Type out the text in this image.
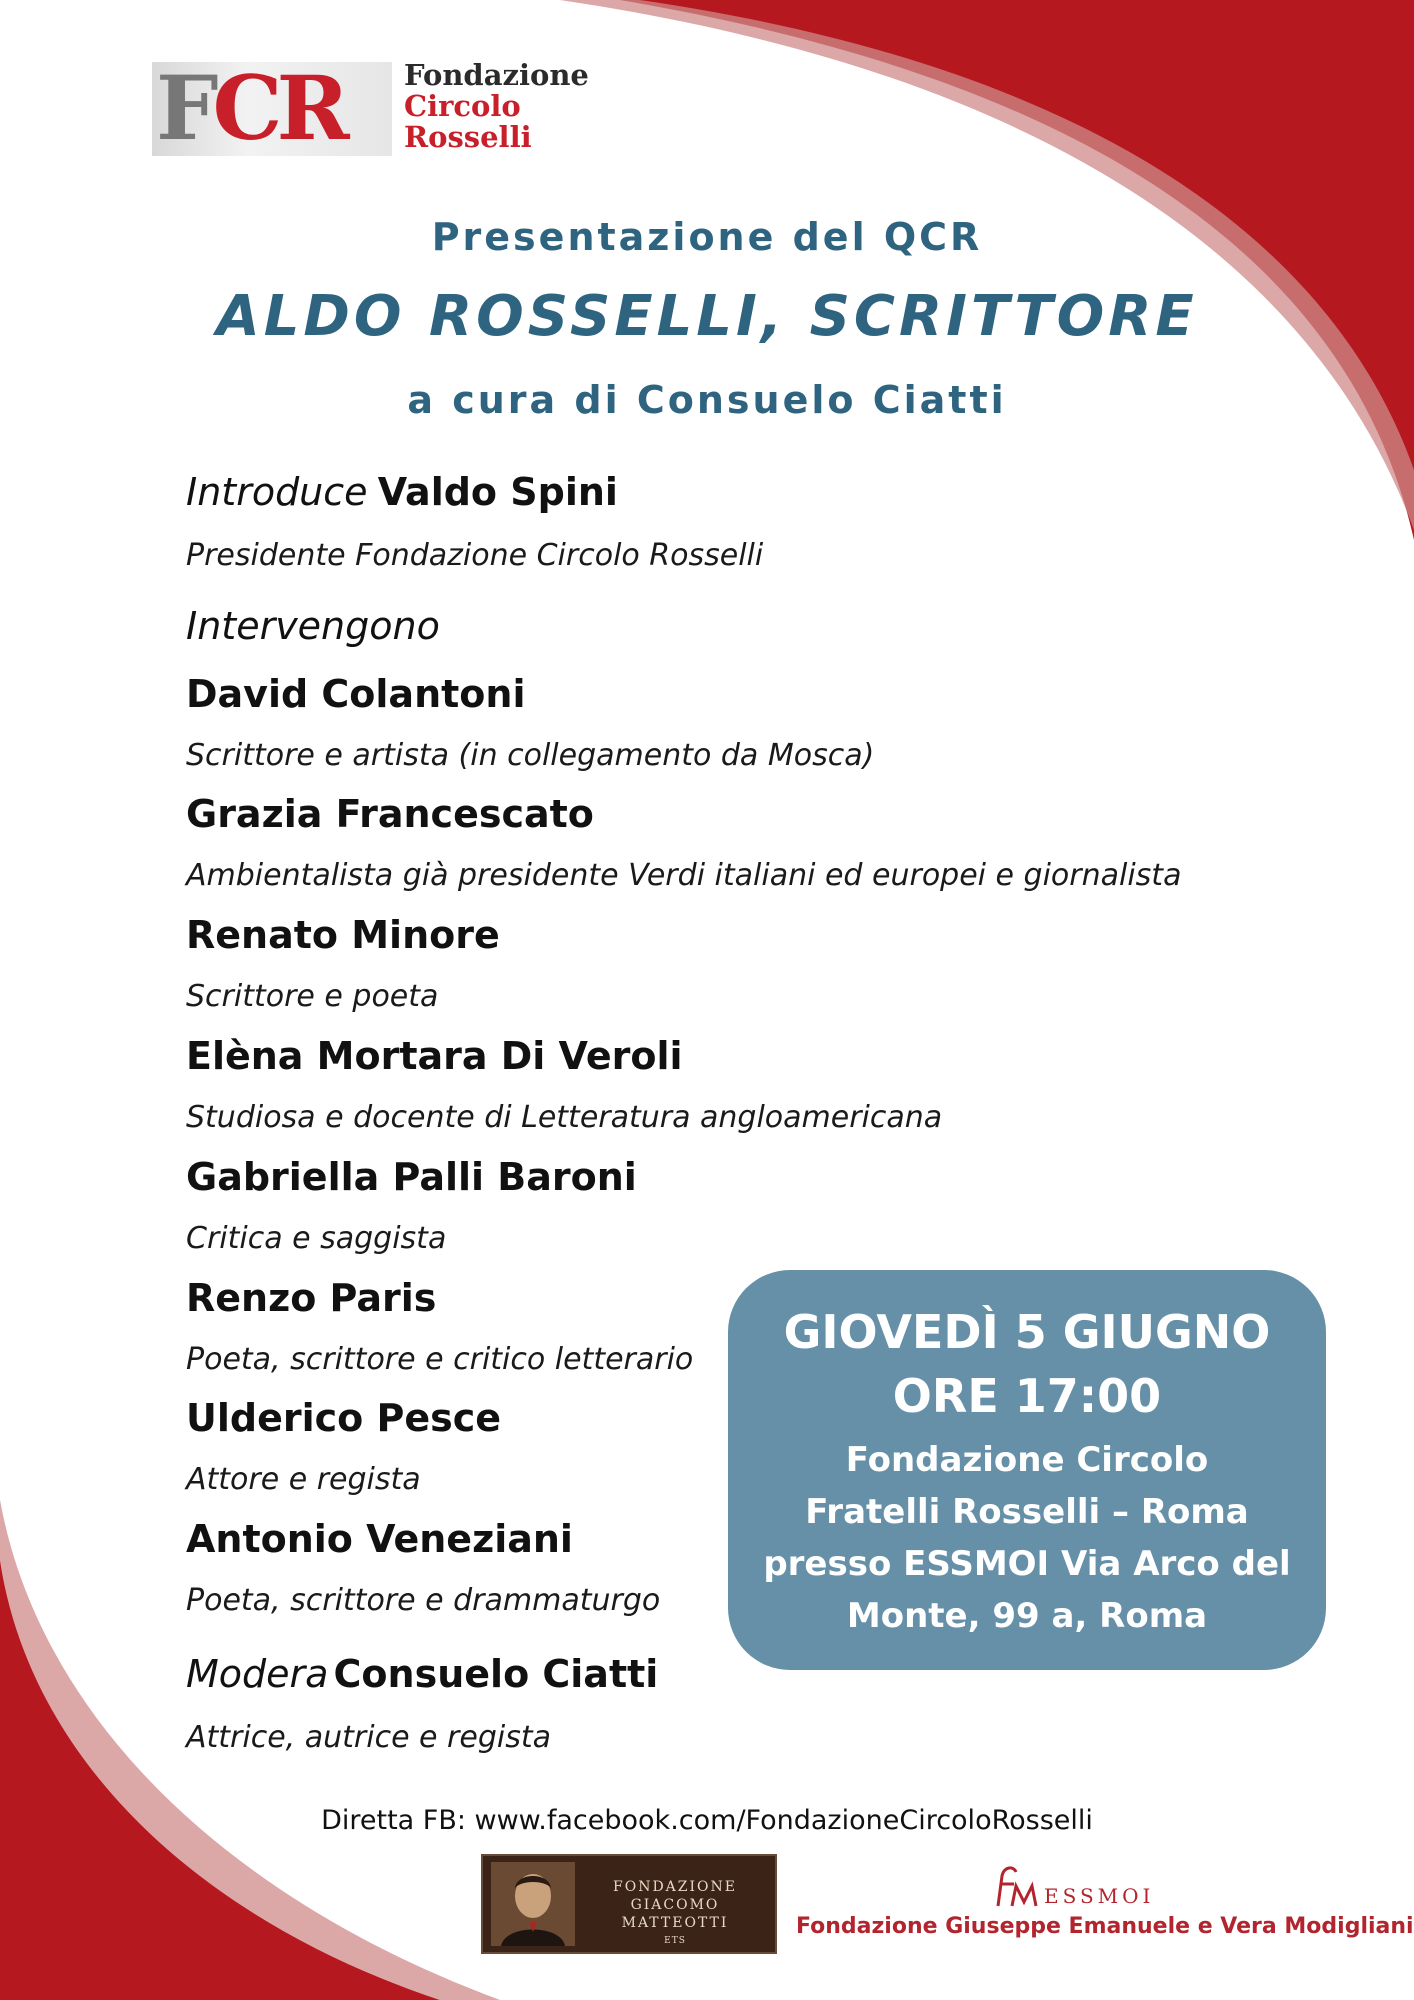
FCR Fondazione
Circolo
Rosselli
Presentazione del QCR
ALDO ROSSELLI, SCRITTORE
a cura di Consuelo Ciatti
Introduce Valdo Spini
Presidente Fondazione Circolo Rosselli
Intervengono
David Colantoni
Scrittore e artista (in collegamento da Mosca)
Grazia Francescato
Ambientalista già presidente Verdi italiani ed europei e giornalista
Renato Minore
Scrittore e poeta
Elèna Mortara Di Veroli
Studiosa e docente di Letteratura angloamericana
Gabriella Palli Baroni
Critica e saggista
Renzo Paris
Poeta, scrittore e critico letterario
Ulderico Pesce
Attore e regista
Antonio Veneziani
Poeta, scrittore e drammaturgo
Modera Consuelo Ciatti
Attrice, autrice e regista
GIOVEDÌ 5 GIUGNO
ORE 17:00
Fondazione Circolo
Fratelli Rosselli – Roma
presso ESSMOI Via Arco del
Monte, 99 a, Roma
Diretta FB: www.facebook.com/FondazioneCircoloRosselli
FONDAZIONE
GIACOMO MATTEOTTI
ETS
ESSMOI
Fondazione Giuseppe Emanuele e Vera Modigliani
